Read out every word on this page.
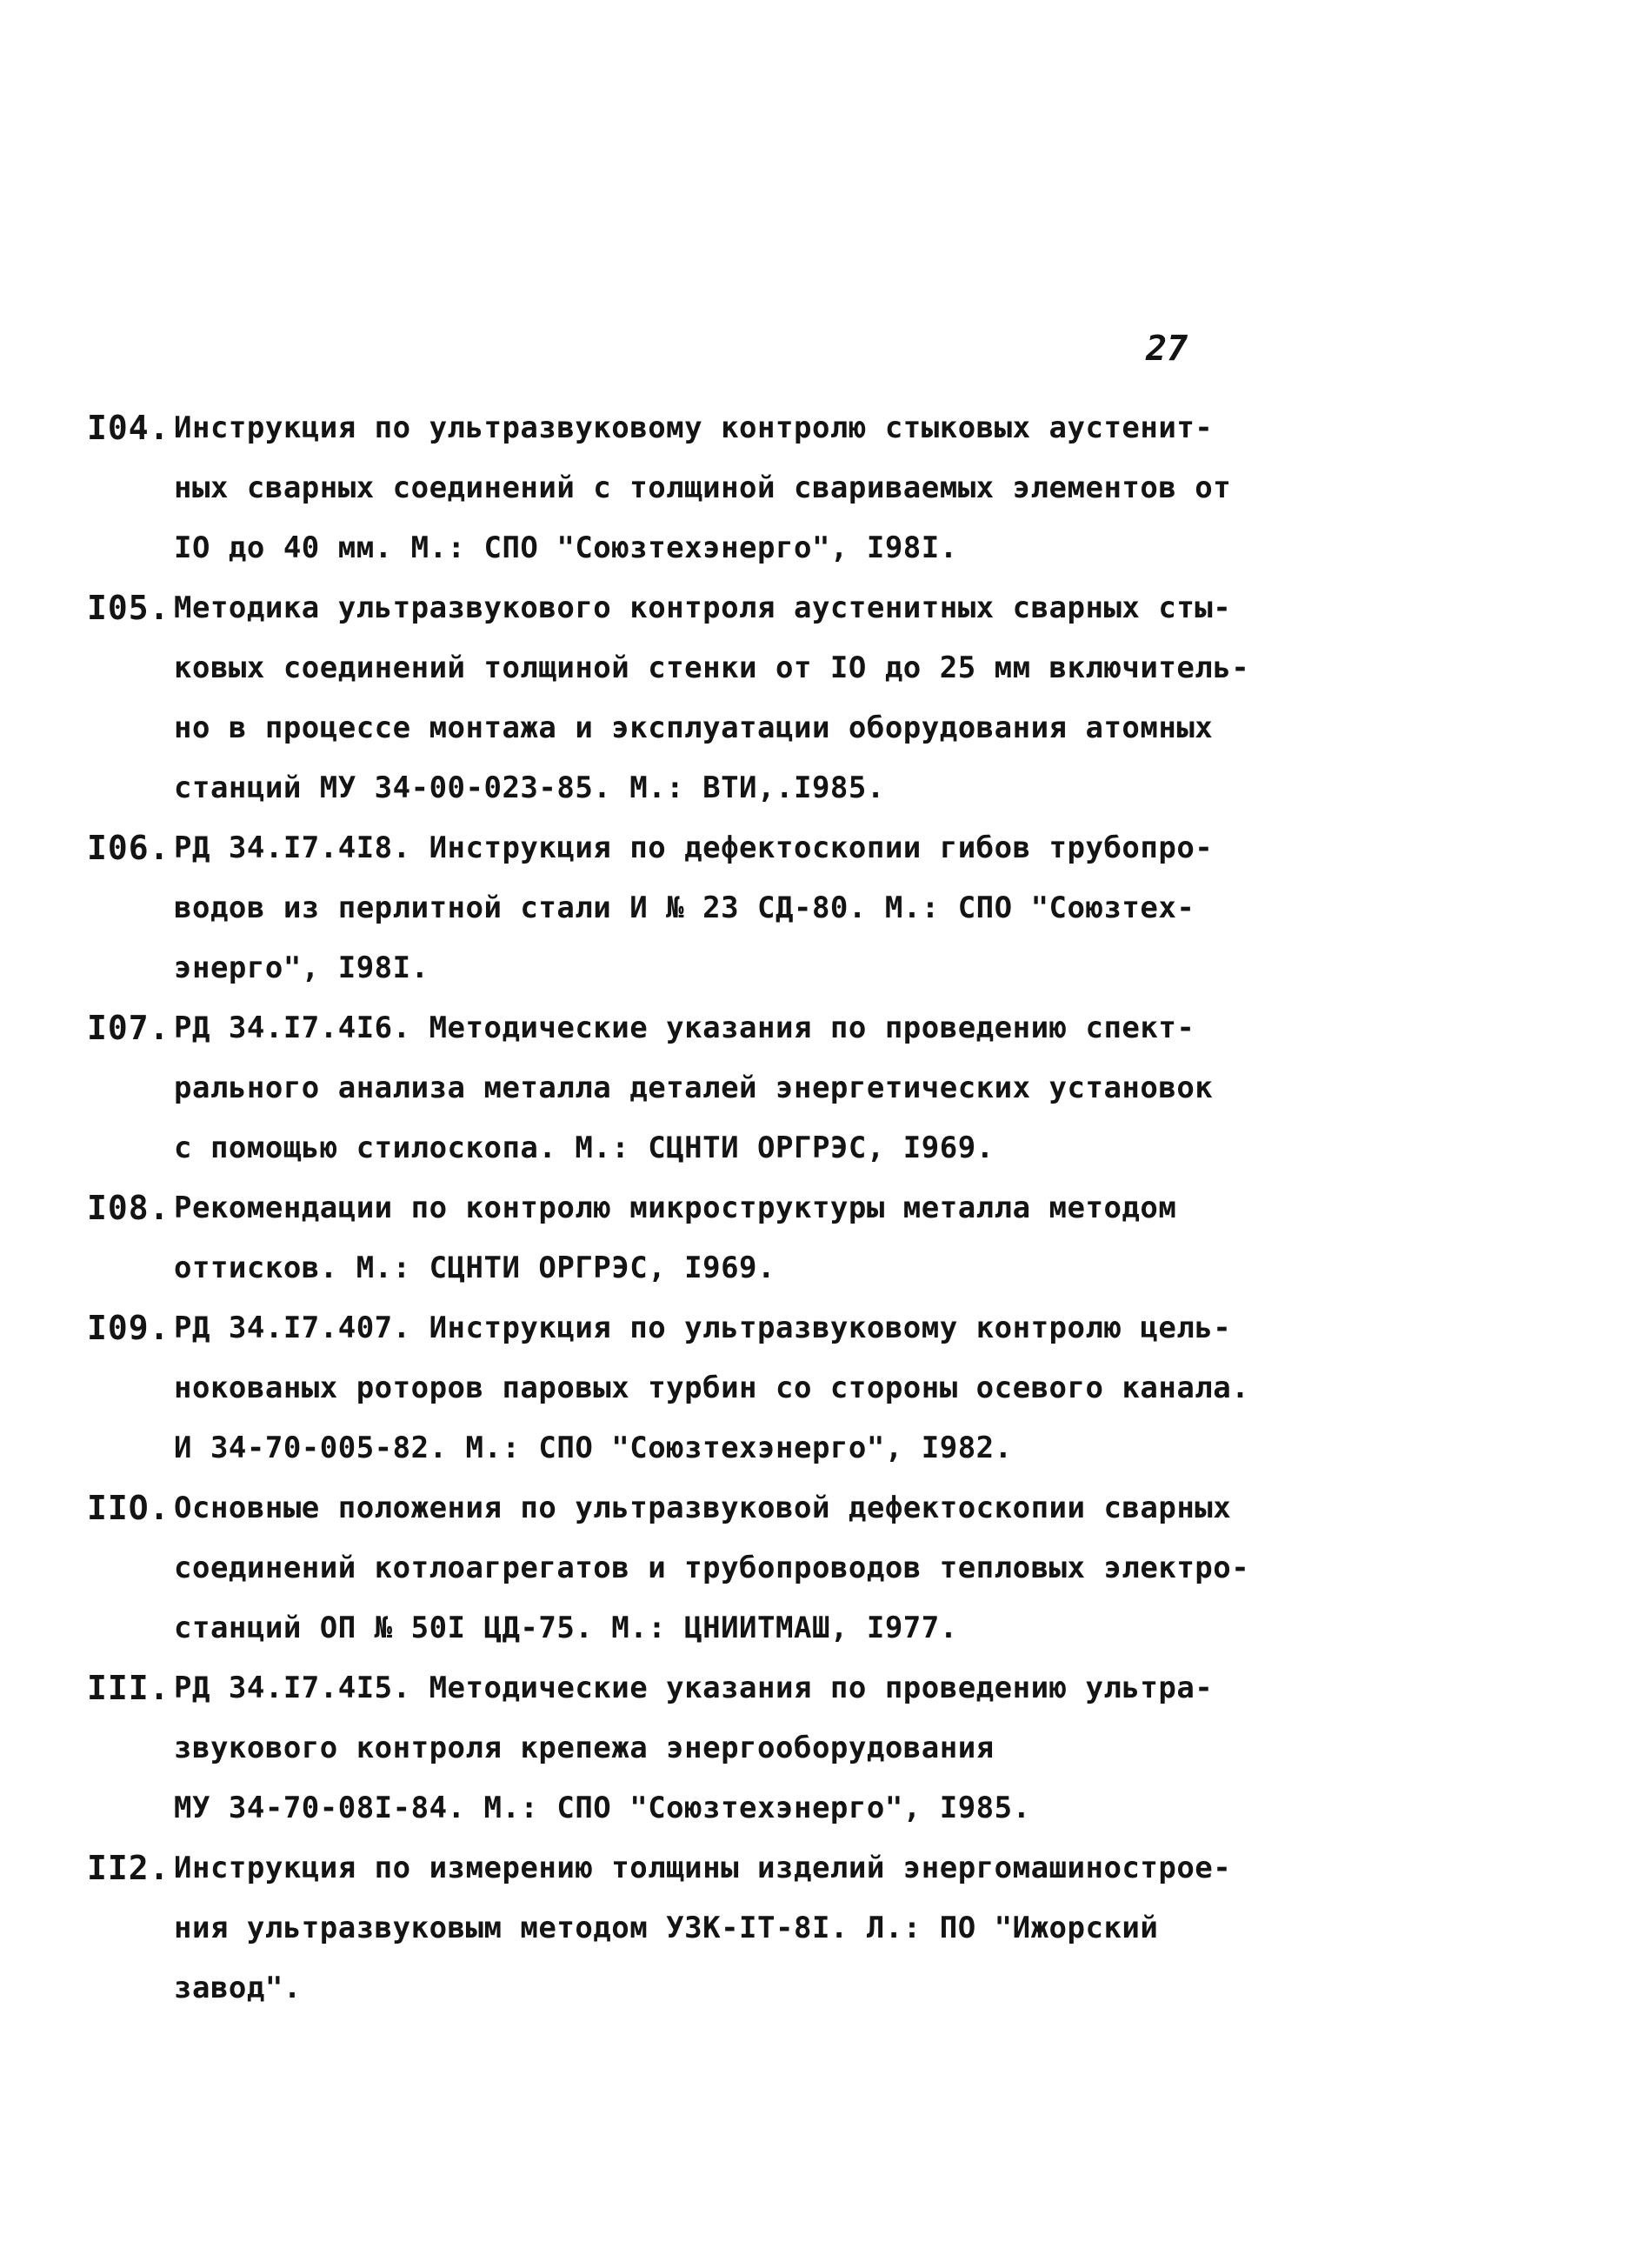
27
I04. Инструкция по ультразвуковому контролю стыковых аустенит-
ных сварных соединений с толщиной свариваемых элементов от
IO до 40 мм. М.: СПО "Союзтехэнерго", I98I.
I05. Методика ультразвукового контроля аустенитных сварных сты-
ковых соединений толщиной стенки от IO до 25 мм включитель-
но в процессе монтажа и эксплуатации оборудования атомных
станций МУ 34-00-023-85. М.: ВТИ,.I985.
I06. РД 34.I7.4I8. Инструкция по дефектоскопии гибов трубопро-
водов из перлитной стали И № 23 СД-80. М.: СПО "Союзтех-
энерго", I98I.
I07. РД 34.I7.4I6. Методические указания по проведению спект-
рального анализа металла деталей энергетических установок
с помощью стилоскопа. М.: СЦНТИ ОРГРЭС, I969.
I08. Рекомендации по контролю микроструктуры металла методом
оттисков. М.: СЦНТИ ОРГРЭС, I969.
I09. РД 34.I7.407. Инструкция по ультразвуковому контролю цель-
нокованых роторов паровых турбин со стороны осевого канала.
И 34-70-005-82. М.: СПО "Союзтехэнерго", I982.
IIO. Основные положения по ультразвуковой дефектоскопии сварных
соединений котлоагрегатов и трубопроводов тепловых электро-
станций ОП № 50I ЦД-75. М.: ЦНИИТМАШ, I977.
III. РД 34.I7.4I5. Методические указания по проведению ультра-
звукового контроля крепежа энергооборудования
МУ 34-70-08I-84. М.: СПО "Союзтехэнерго", I985.
II2. Инструкция по измерению толщины изделий энергомашинострое-
ния ультразвуковым методом УЗК-IТ-8I. Л.: ПО "Ижорский
завод".
